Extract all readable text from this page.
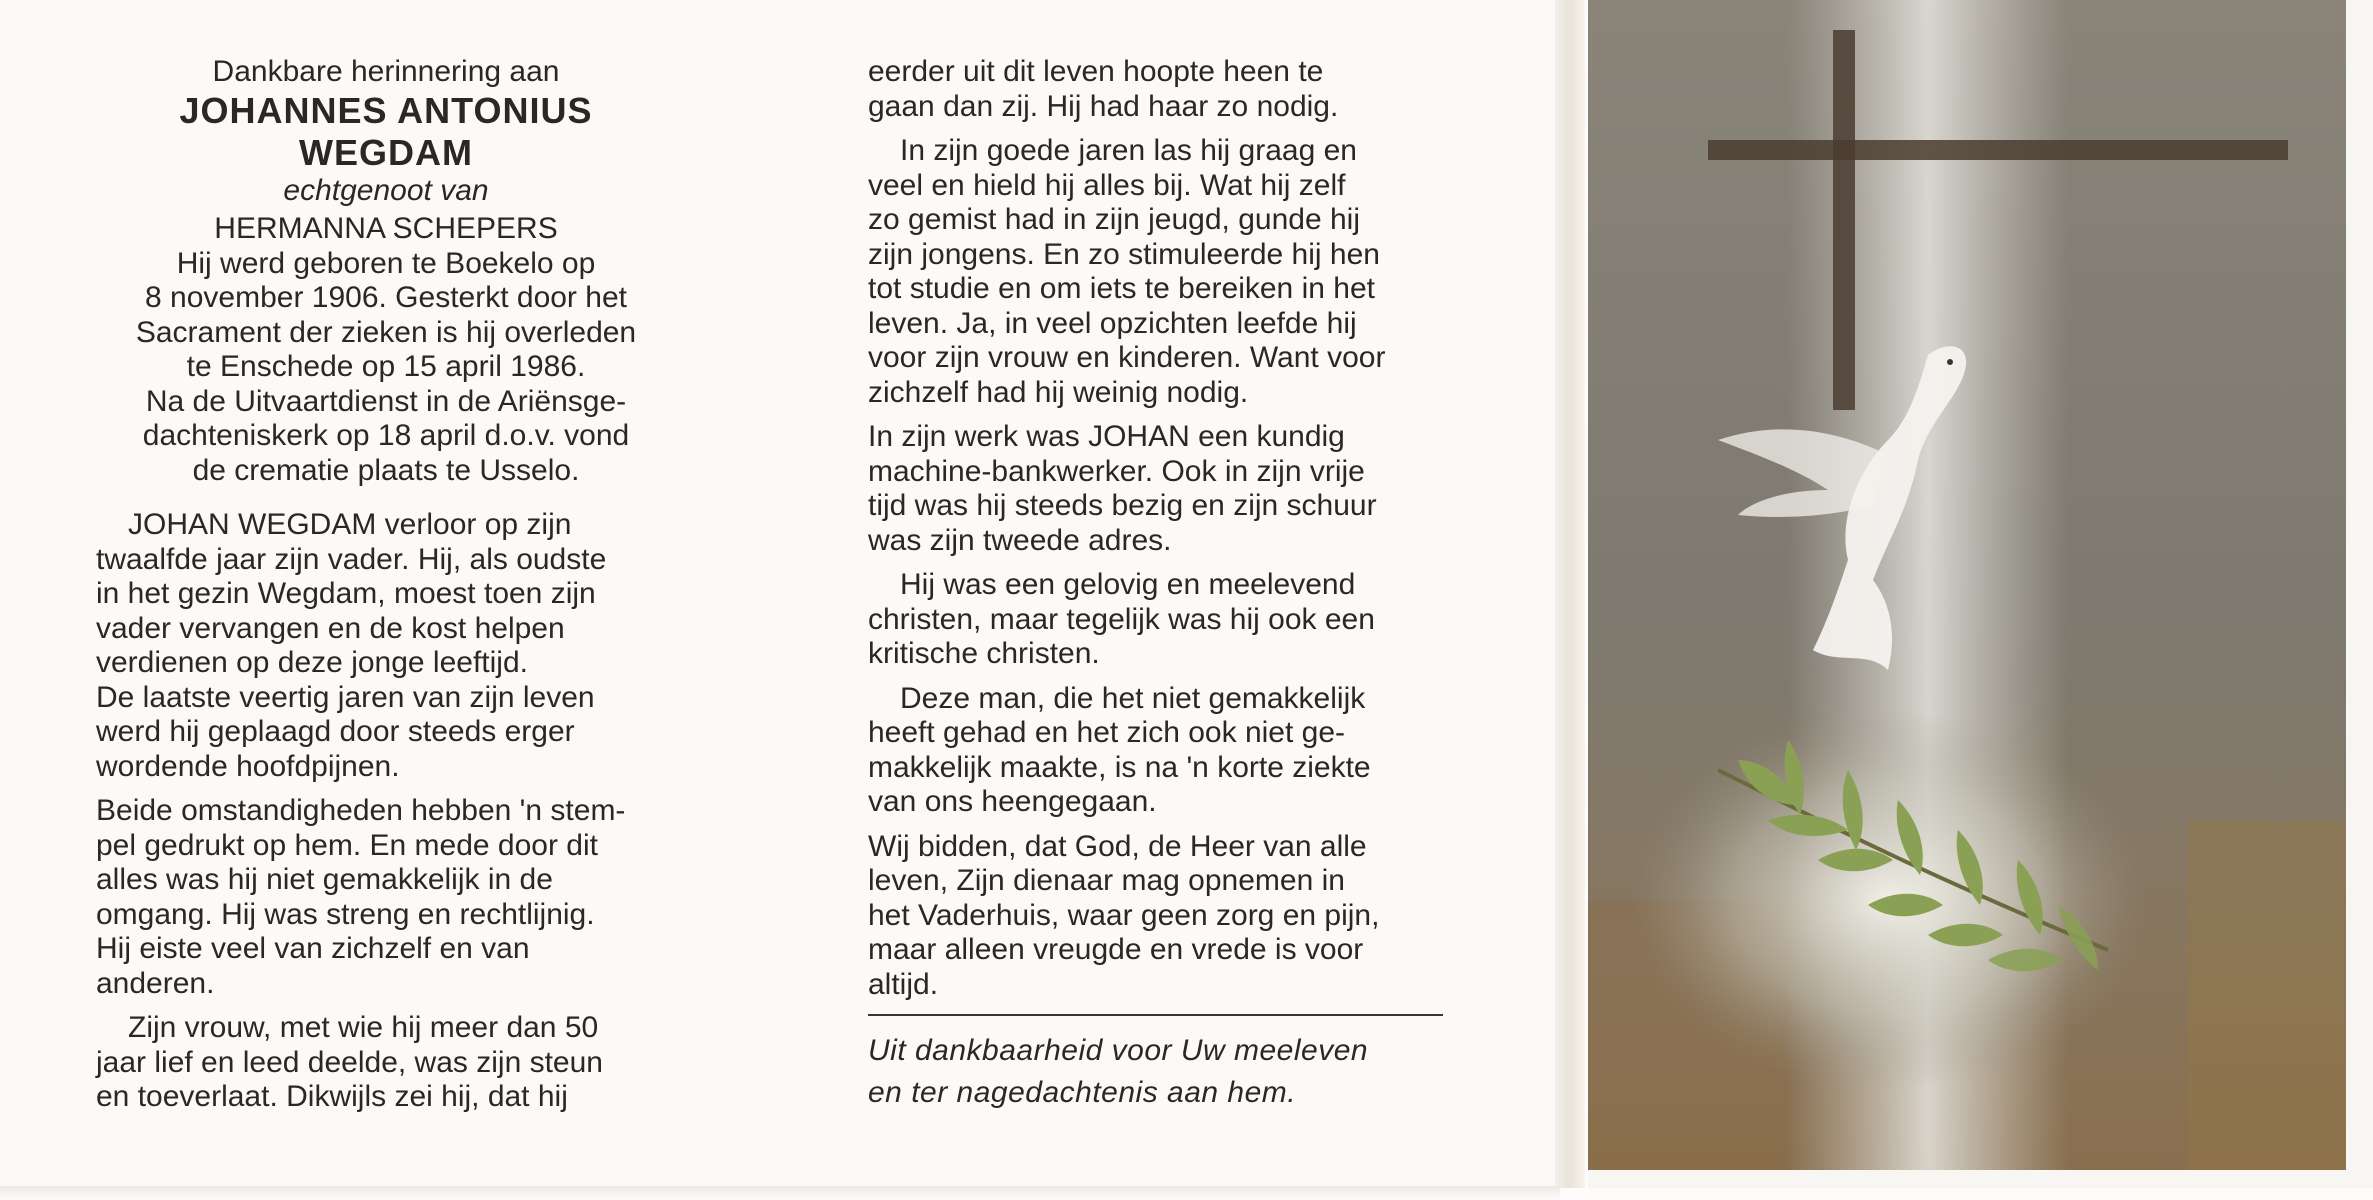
Dankbare herinnering aan
JOHANNES ANTONIUS
WEGDAM
echtgenoot van
HERMANNA SCHEPERS
Hij werd geboren te Boekelo op
8 november 1906. Gesterkt door het
Sacrament der zieken is hij overleden
te Enschede op 15 april 1986.
Na de Uitvaartdienst in de Ariënsge-
dachteniskerk op 18 april d.o.v. vond
de crematie plaats te Usselo.
JOHAN WEGDAM verloor op zijn
twaalfde jaar zijn vader. Hij, als oudste
in het gezin Wegdam, moest toen zijn
vader vervangen en de kost helpen
verdienen op deze jonge leeftijd.
De laatste veertig jaren van zijn leven
werd hij geplaagd door steeds erger
wordende hoofdpijnen.
Beide omstandigheden hebben 'n stem-
pel gedrukt op hem. En mede door dit
alles was hij niet gemakkelijk in de
omgang. Hij was streng en rechtlijnig.
Hij eiste veel van zichzelf en van
anderen.
Zijn vrouw, met wie hij meer dan 50
jaar lief en leed deelde, was zijn steun
en toeverlaat. Dikwijls zei hij, dat hij
eerder uit dit leven hoopte heen te
gaan dan zij. Hij had haar zo nodig.
In zijn goede jaren las hij graag en
veel en hield hij alles bij. Wat hij zelf
zo gemist had in zijn jeugd, gunde hij
zijn jongens. En zo stimuleerde hij hen
tot studie en om iets te bereiken in het
leven. Ja, in veel opzichten leefde hij
voor zijn vrouw en kinderen. Want voor
zichzelf had hij weinig nodig.
In zijn werk was JOHAN een kundig
machine-bankwerker. Ook in zijn vrije
tijd was hij steeds bezig en zijn schuur
was zijn tweede adres.
Hij was een gelovig en meelevend
christen, maar tegelijk was hij ook een
kritische christen.
Deze man, die het niet gemakkelijk
heeft gehad en het zich ook niet ge-
makkelijk maakte, is na 'n korte ziekte
van ons heengegaan.
Wij bidden, dat God, de Heer van alle
leven, Zijn dienaar mag opnemen in
het Vaderhuis, waar geen zorg en pijn,
maar alleen vreugde en vrede is voor
altijd.
Uit dankbaarheid voor Uw meeleven
en ter nagedachtenis aan hem.
